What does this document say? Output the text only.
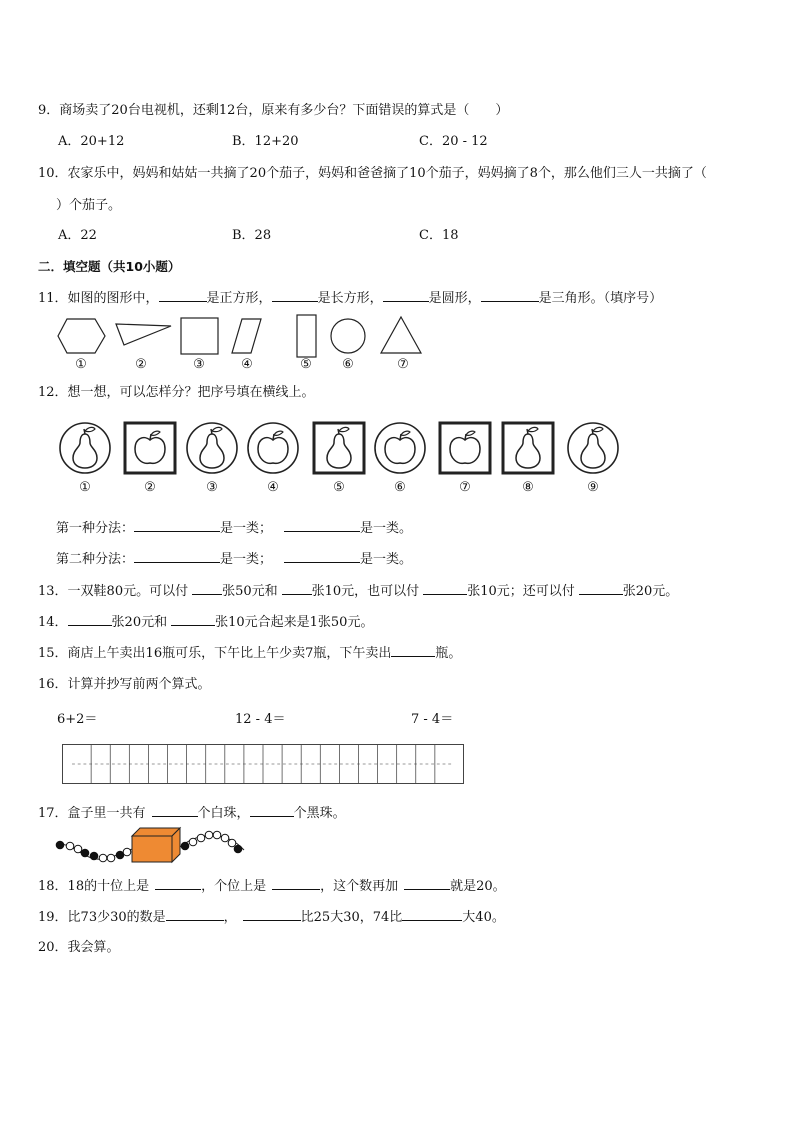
9．商场卖了20台电视机，还剩12台，原来有多少台？下面错误的算式是（　　）
A．20+12	B．12+20	C．20 - 12
10．农家乐中，妈妈和姑姑一共摘了20个茄子，妈妈和爸爸摘了10个茄子，妈妈摘了8个，那么他们三人一共摘了（
）个茄子。
A．22	B．28	C．18
二．填空题（共10小题）
11．如图的图形中，	是正方形，	是长方形，	是圆形，	是三角形。（填序号）
①	②	③	④	⑤	⑥	⑦
12．想一想，可以怎样分？把序号填在横线上。
①	②	③	④	⑤	⑥	⑦	⑧	⑨
第一种分法：	是一类；	是一类。
第二种分法：	是一类；	是一类。
13．一双鞋80元。可以付	张50元和	张10元，也可以付	张10元；还可以付	张20元。
14．	张20元和	张10元合起来是1张50元。
15．商店上午卖出16瓶可乐，下午比上午少卖7瓶，下午卖出	瓶。
16．计算并抄写前两个算式。
6+2＝	12 - 4＝	7 - 4＝
17．盒子里一共有	个白珠，	个黑珠。
18．18的十位上是	，个位上是	，这个数再加	就是20。
19．比73少30的数是	，	比25大30，74比	大40。
20．我会算。
